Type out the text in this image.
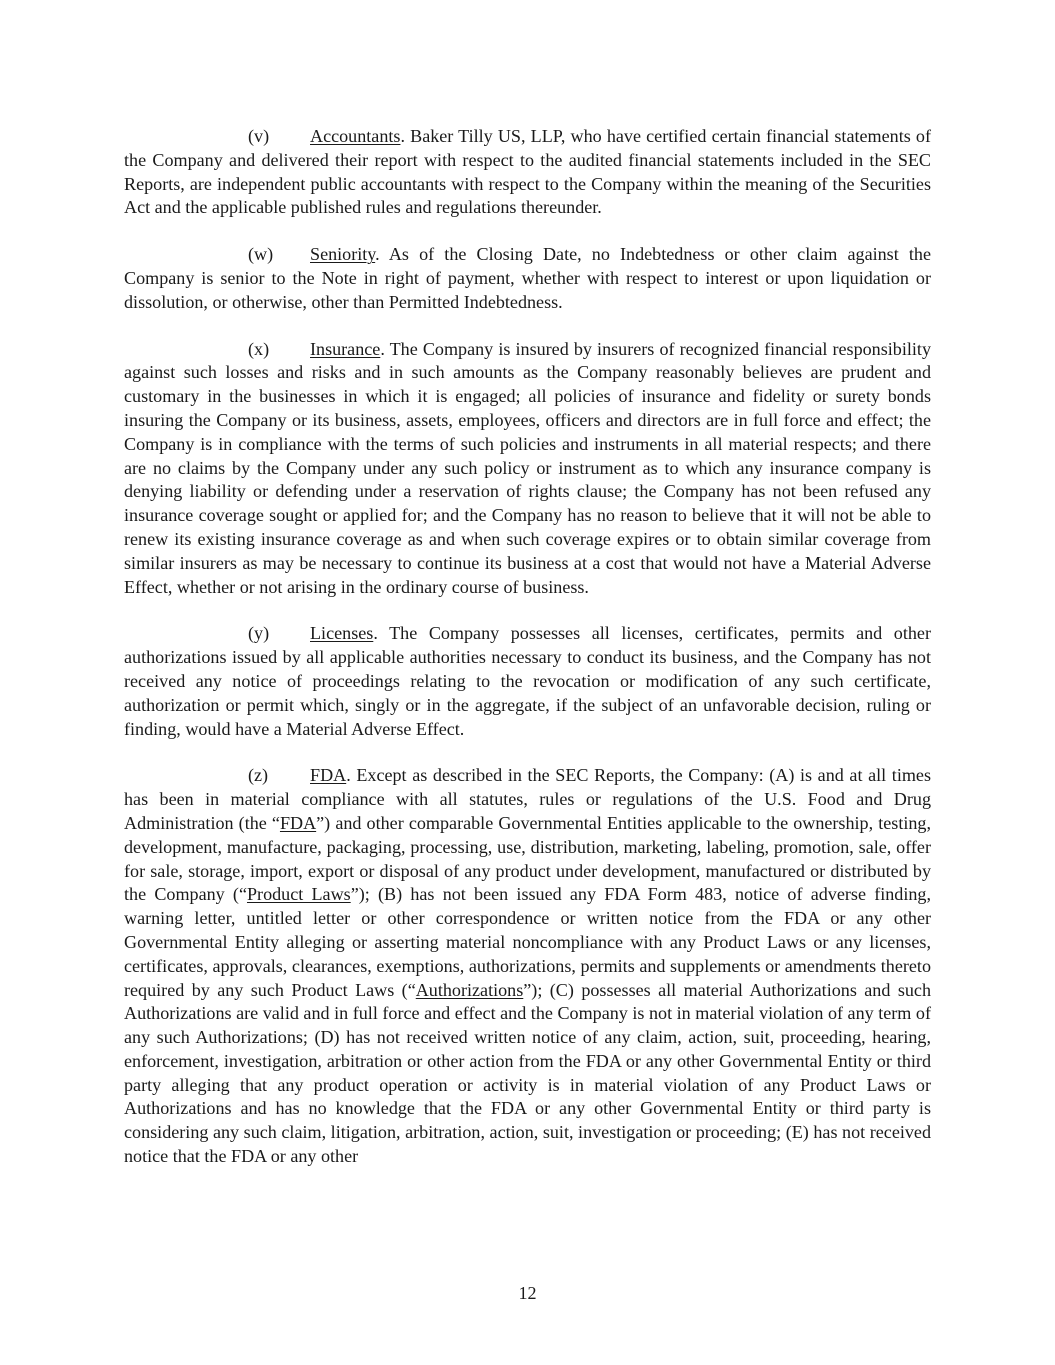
(v) Accountants. Baker Tilly US, LLP, who have certified certain financial statements of the Company and delivered their report with respect to the audited financial statements included in the SEC Reports, are independent public accountants with respect to the Company within the meaning of the Securities Act and the applicable published rules and regulations thereunder.

(w) Seniority. As of the Closing Date, no Indebtedness or other claim against the Company is senior to the Note in right of payment, whether with respect to interest or upon liquidation or dissolution, or otherwise, other than Permitted Indebtedness.

(x) Insurance. The Company is insured by insurers of recognized financial responsibility against such losses and risks and in such amounts as the Company reasonably believes are prudent and customary in the businesses in which it is engaged; all policies of insurance and fidelity or surety bonds insuring the Company or its business, assets, employees, officers and directors are in full force and effect; the Company is in compliance with the terms of such policies and instruments in all material respects; and there are no claims by the Company under any such policy or instrument as to which any insurance company is denying liability or defending under a reservation of rights clause; the Company has not been refused any insurance coverage sought or applied for; and the Company has no reason to believe that it will not be able to renew its existing insurance coverage as and when such coverage expires or to obtain similar coverage from similar insurers as may be necessary to continue its business at a cost that would not have a Material Adverse Effect, whether or not arising in the ordinary course of business.

(y) Licenses. The Company possesses all licenses, certificates, permits and other authorizations issued by all applicable authorities necessary to conduct its business, and the Company has not received any notice of proceedings relating to the revocation or modification of any such certificate, authorization or permit which, singly or in the aggregate, if the subject of an unfavorable decision, ruling or finding, would have a Material Adverse Effect.

(z) FDA. Except as described in the SEC Reports, the Company: (A) is and at all times has been in material compliance with all statutes, rules or regulations of the U.S. Food and Drug Administration (the “FDA”) and other comparable Governmental Entities applicable to the ownership, testing, development, manufacture, packaging, processing, use, distribution, marketing, labeling, promotion, sale, offer for sale, storage, import, export or disposal of any product under development, manufactured or distributed by the Company (“Product Laws”); (B) has not been issued any FDA Form 483, notice of adverse finding, warning letter, untitled letter or other correspondence or written notice from the FDA or any other Governmental Entity alleging or asserting material noncompliance with any Product Laws or any licenses, certificates, approvals, clearances, exemptions, authorizations, permits and supplements or amendments thereto required by any such Product Laws (“Authorizations”); (C) possesses all material Authorizations and such Authorizations are valid and in full force and effect and the Company is not in material violation of any term of any such Authorizations; (D) has not received written notice of any claim, action, suit, proceeding, hearing, enforcement, investigation, arbitration or other action from the FDA or any other Governmental Entity or third party alleging that any product operation or activity is in material violation of any Product Laws or Authorizations and has no knowledge that the FDA or any other Governmental Entity or third party is considering any such claim, litigation, arbitration, action, suit, investigation or proceeding; (E) has not received notice that the FDA or any other

12
